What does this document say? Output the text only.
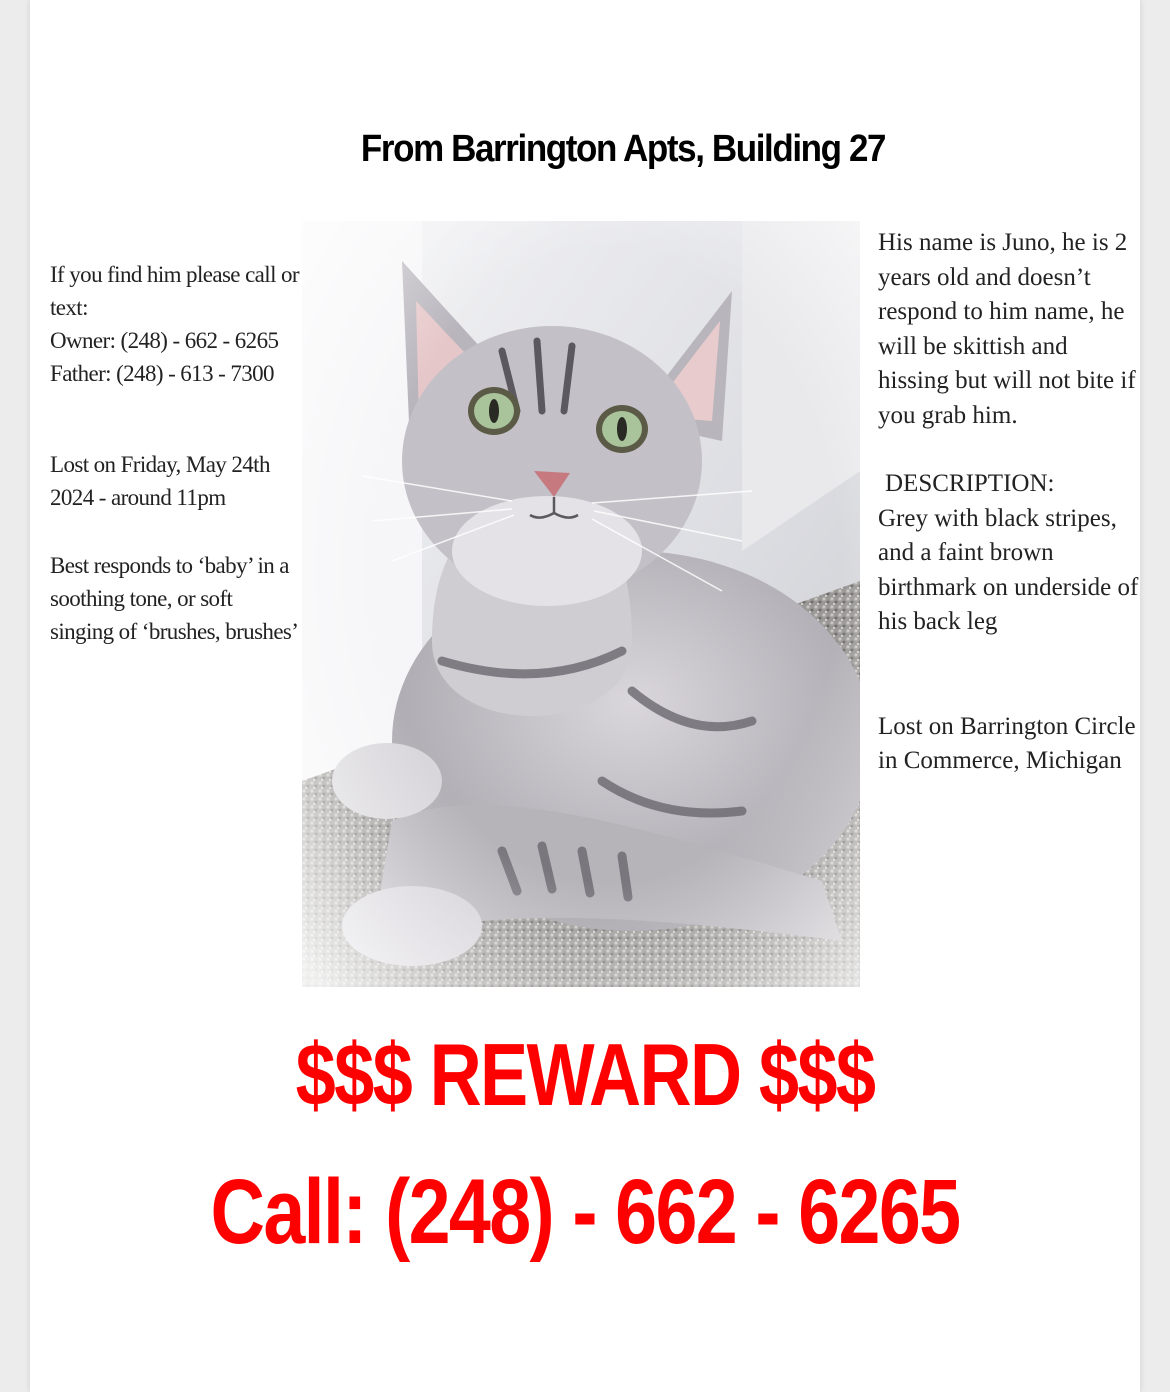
From Barrington Apts, Building 27

If you find him please call or text:

Owner: (248) - 662 - 6265

Father: (248) - 613 - 7300

Lost on Friday, May 24th 2024 - around 11pm

Best responds to ‘baby’ in a soothing tone, or soft singing of ‘brushes, brushes’

His name is Juno, he is 2 years old and doesn’t respond to him name, he will be skittish and hissing but will not bite if you grab him.

DESCRIPTION:

Grey with black stripes, and a faint brown birthmark on underside of his back leg

Lost on Barrington Circle in Commerce, Michigan

$$$ REWARD $$$
Call: (248) - 662 - 6265
